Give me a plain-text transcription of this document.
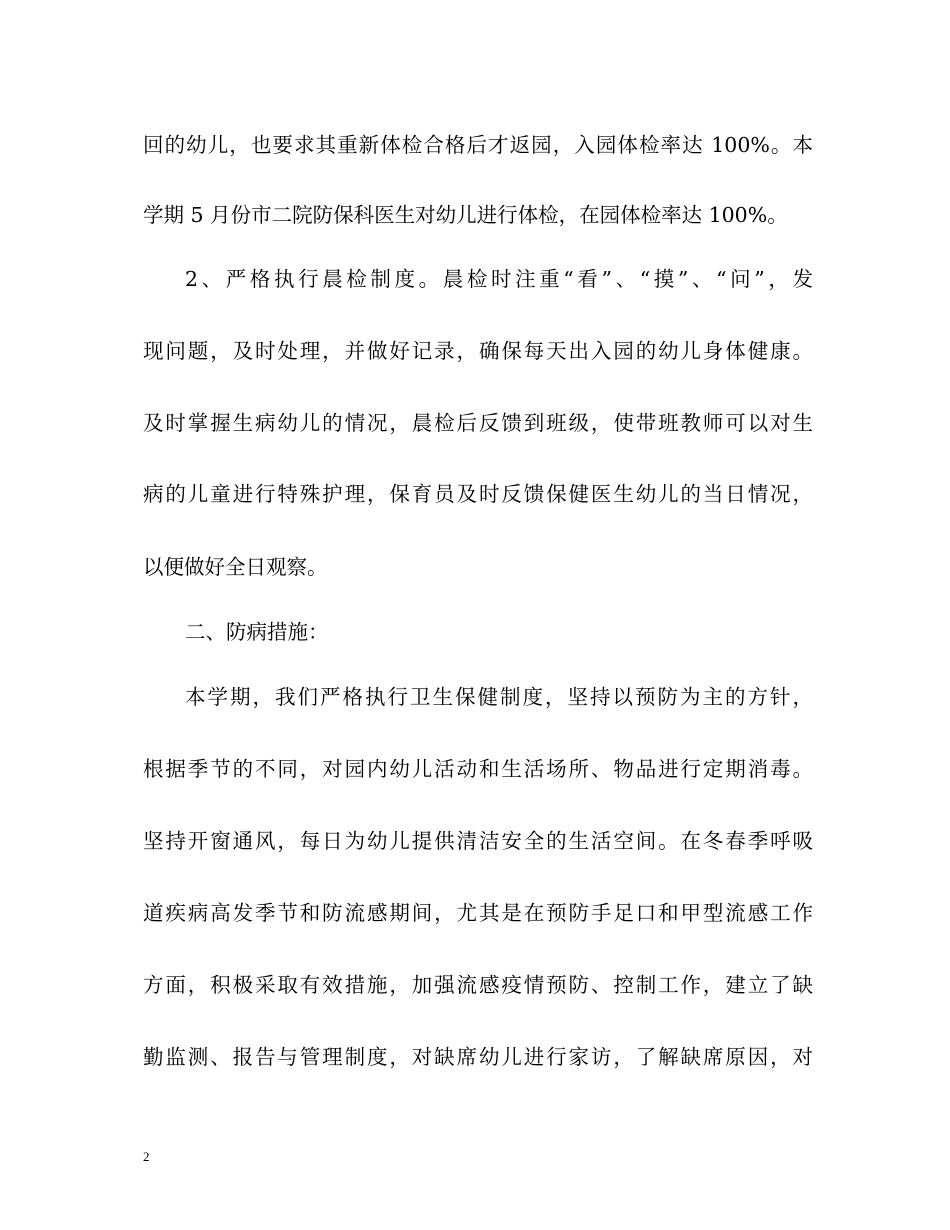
回的幼儿，也要求其重新体检合格后才返园，入园体检率达 100%。本
学期 5 月份市二院防保科医生对幼儿进行体检，在园体检率达 100%。
2、严格执行晨检制度。晨检时注重“看”、“摸”、“问”，发
现问题，及时处理，并做好记录，确保每天出入园的幼儿身体健康。
及时掌握生病幼儿的情况，晨检后反馈到班级，使带班教师可以对生
病的儿童进行特殊护理，保育员及时反馈保健医生幼儿的当日情况，
以便做好全日观察。
二、防病措施：
本学期，我们严格执行卫生保健制度，坚持以预防为主的方针，
根据季节的不同，对园内幼儿活动和生活场所、物品进行定期消毒。
坚持开窗通风，每日为幼儿提供清洁安全的生活空间。在冬春季呼吸
道疾病高发季节和防流感期间，尤其是在预防手足口和甲型流感工作
方面，积极采取有效措施，加强流感疫情预防、控制工作，建立了缺
勤监测、报告与管理制度，对缺席幼儿进行家访，了解缺席原因，对
2
